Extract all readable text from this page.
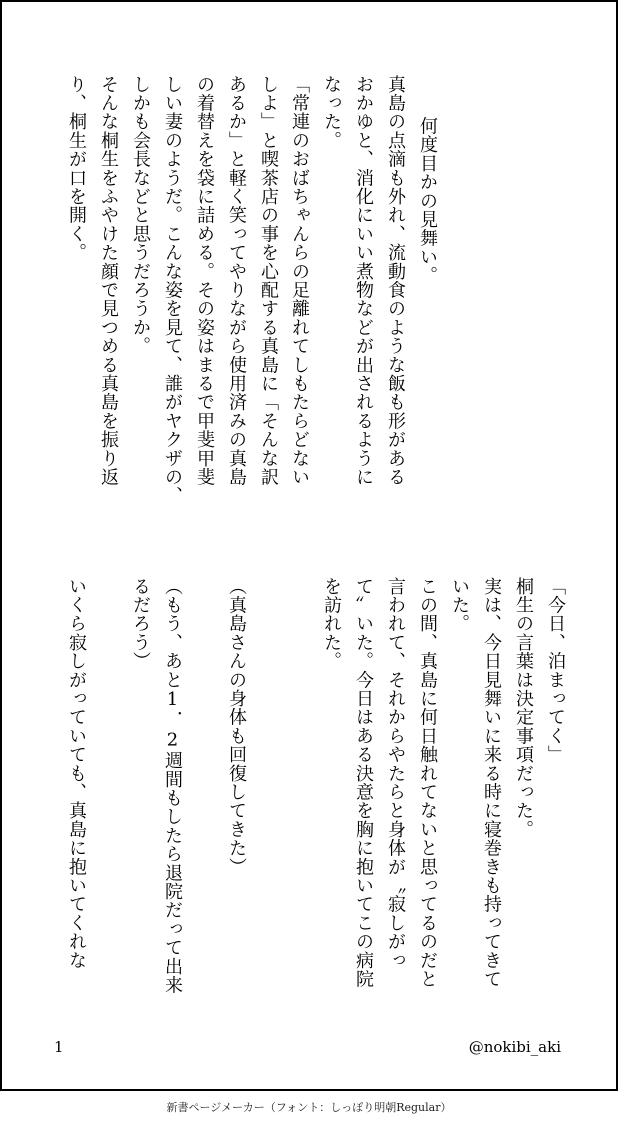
　何度目かの見舞い。
真島の点滴も外れ、流動食のような飯も形がある
おかゆと、消化にいい煮物などが出されるように
なった。
「常連のおばちゃんらの足離れてしもたらどない
しよ」と喫茶店の事を心配する真島に「そんな訳
あるか」と軽く笑ってやりながら使用済みの真島
の着替えを袋に詰める。その姿はまるで甲斐甲斐
しい妻のようだ。こんな姿を見て、誰がヤクザの、
しかも会長などと思うだろうか。
そんな桐生をふやけた顔で見つめる真島を振り返
り、桐生が口を開く。
「今日、泊まってく」
桐生の言葉は決定事項だった。
実は、今日見舞いに来る時に寝巻きも持ってきて
いた。
この間、真島に何日触れてないと思ってるのだと
言われて、それからやたらと身体が〝寂しがっ
て〟いた。今日はある決意を胸に抱いてこの病院
を訪れた。
（真島さんの身体も回復してきた）
（もう、あと1．2週間もしたら退院だって出来
るだろう）
いくら寂しがっていても、真島に抱いてくれな
1	@nokibi_aki
新書ページメーカー（フォント：しっぽり明朝Regular）
